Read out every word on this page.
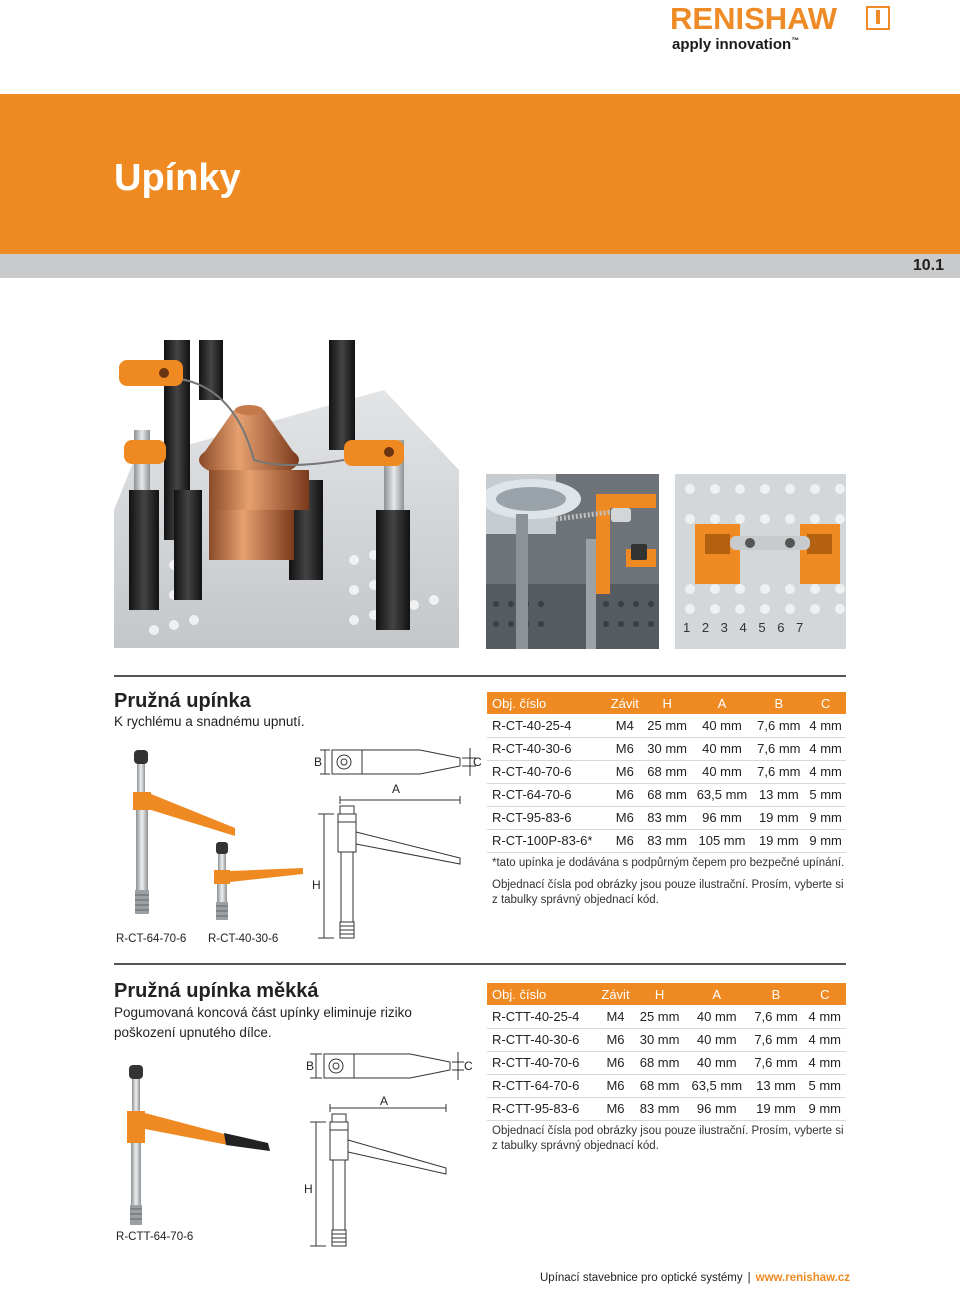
RENISHAW
apply innovation™
Upínky
10.1
1 2 3 4 5 6 7
Pružná upínka
K rychlému a snadnému upnutí.
R-CT-64-70-6 R-CT-40-30-6
B	C
A
H
Obj. číslo	Závit	H	A	B	C
R-CT-40-25-4	M4	25 mm	40 mm	7,6 mm	4 mm
R-CT-40-30-6	M6	30 mm	40 mm	7,6 mm	4 mm
R-CT-40-70-6	M6	68 mm	40 mm	7,6 mm	4 mm
R-CT-64-70-6	M6	68 mm	63,5 mm	13 mm	5 mm
R-CT-95-83-6	M6	83 mm	96 mm	19 mm	9 mm
R-CT-100P-83-6*	M6	83 mm	105 mm	19 mm	9 mm
*tato upínka je dodávána s podpůrným čepem pro bezpečné upínání.
Objednací čísla pod obrázky jsou pouze ilustrační. Prosím, vyberte si z tabulky správný objednací kód.
Pružná upínka měkká
Pogumovaná koncová část upínky eliminuje riziko poškození upnutého dílce.
R-CTT-64-70-6
B	C
A
H
Obj. číslo	Závit	H	A	B	C
R-CTT-40-25-4	M4	25 mm	40 mm	7,6 mm	4 mm
R-CTT-40-30-6	M6	30 mm	40 mm	7,6 mm	4 mm
R-CTT-40-70-6	M6	68 mm	40 mm	7,6 mm	4 mm
R-CTT-64-70-6	M6	68 mm	63,5 mm	13 mm	5 mm
R-CTT-95-83-6	M6	83 mm	96 mm	19 mm	9 mm
Objednací čísla pod obrázky jsou pouze ilustrační. Prosím, vyberte si z tabulky správný objednací kód.
Upínací stavebnice pro optické systémy | www.renishaw.cz
